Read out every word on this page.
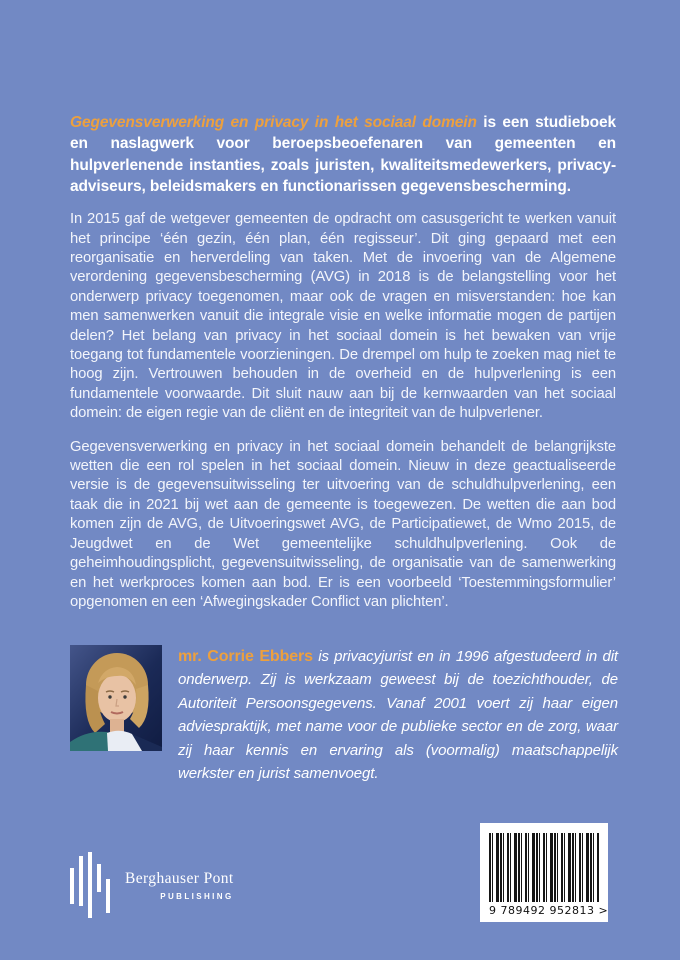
Gegevensverwerking en privacy in het sociaal domein is een studieboek en naslagwerk voor beroepsbeoefenaren van gemeenten en hulpverlenende instanties, zoals juristen, kwaliteitsmedewerkers, privacy-adviseurs, beleidsmakers en functionarissen gegevensbescherming.

In 2015 gaf de wetgever gemeenten de opdracht om casusgericht te werken vanuit het principe ‘één gezin, één plan, één regisseur’. Dit ging gepaard met een reorganisatie en herverdeling van taken. Met de invoering van de Algemene verordening gegevensbescherming (AVG) in 2018 is de belangstelling voor het onderwerp privacy toegenomen, maar ook de vragen en misverstanden: hoe kan men samenwerken vanuit die integrale visie en welke informatie mogen de partijen delen? Het belang van privacy in het sociaal domein is het bewaken van vrije toegang tot fundamentele voorzieningen. De drempel om hulp te zoeken mag niet te hoog zijn. Vertrouwen behouden in de overheid en de hulpverlening is een fundamentele voorwaarde. Dit sluit nauw aan bij de kernwaarden van het sociaal domein: de eigen regie van de cliënt en de integriteit van de hulpverlener.

Gegevensverwerking en privacy in het sociaal domein behandelt de belangrijkste wetten die een rol spelen in het sociaal domein. Nieuw in deze geactualiseerde versie is de gegevensuitwisseling ter uitvoering van de schuldhulpverlening, een taak die in 2021 bij wet aan de gemeente is toegewezen. De wetten die aan bod komen zijn de AVG, de Uitvoeringswet AVG, de Participatiewet, de Wmo 2015, de Jeugdwet en de Wet gemeentelijke schuldhulpverlening. Ook de geheimhoudingsplicht, gegevensuitwisseling, de organisatie van de samenwerking en het werkproces komen aan bod. Er is een voorbeeld ‘Toestemmingsformulier’ opgenomen en een ‘Afwegingskader Conflict van plichten’.

mr. Corrie Ebbers is privacyjurist en in 1996 afgestudeerd in dit onderwerp. Zij is werkzaam geweest bij de toezichthouder, de Autoriteit Persoonsgegevens. Vanaf 2001 voert zij haar eigen adviespraktijk, met name voor de publieke sector en de zorg, waar zij haar kennis en ervaring als (voormalig) maatschappelijk werkster en jurist samenvoegt.

Berghauser Pont
PUBLISHING
9 789492 952813 >
